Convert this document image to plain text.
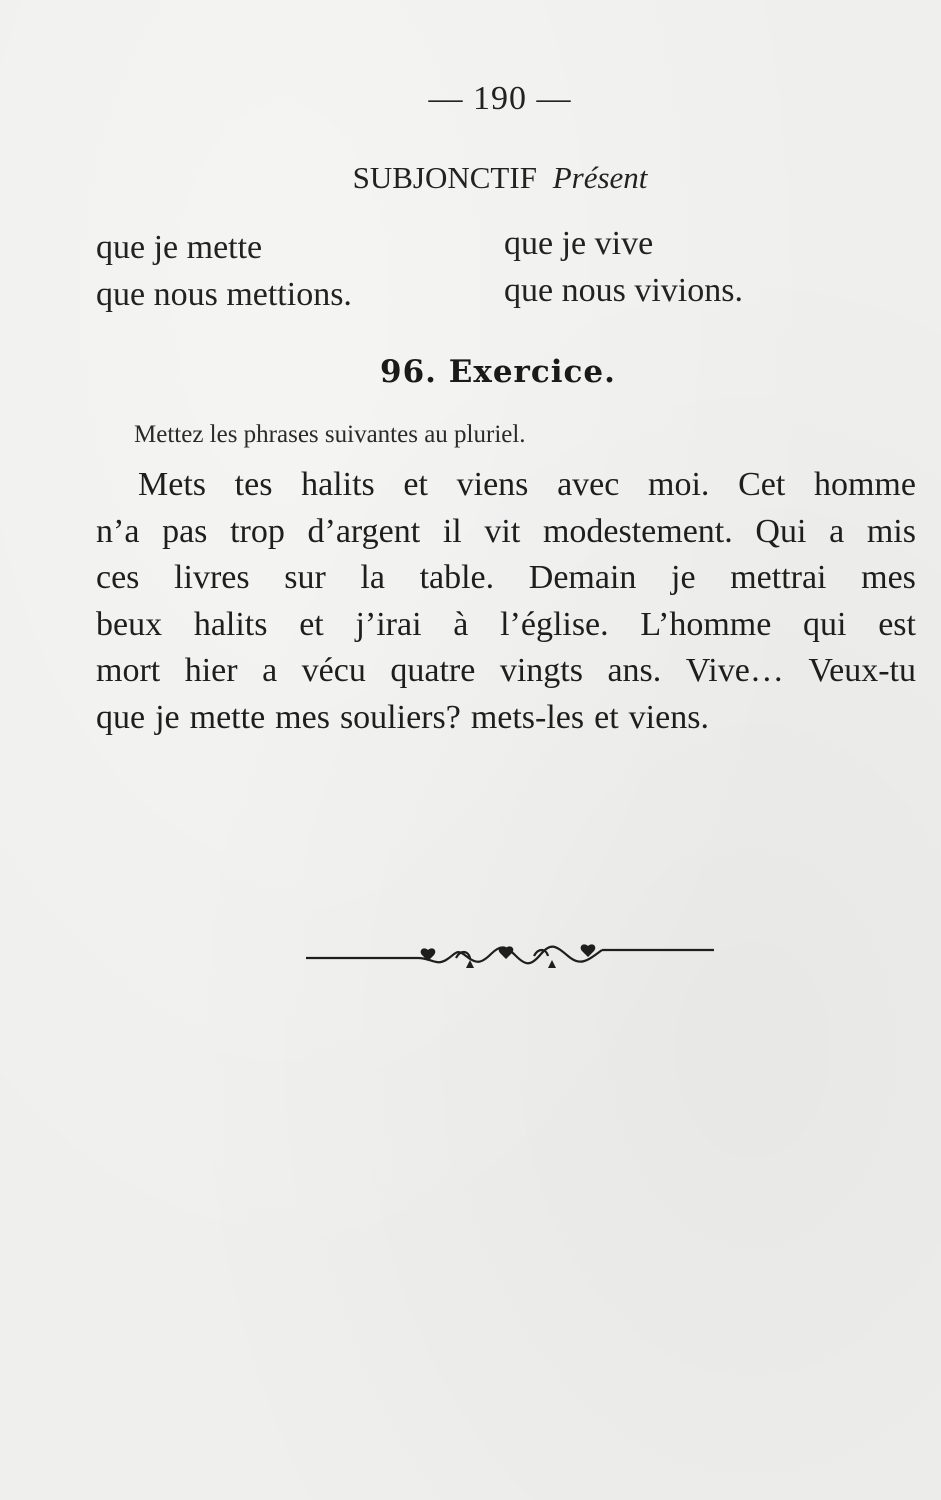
— 190 —
SUBJONCTIF Présent
que je mette
que nous mettions.
que je vive
que nous vivions.
96. Exercice.
Mettez les phrases suivantes au pluriel.
Mets tes halits et viens avec moi. Cet homme
n’a pas trop d’argent il vit modestement. Qui a mis
ces livres sur la table. Demain je mettrai mes
beux halits et j’irai à l’église. L’homme qui est
mort hier a vécu quatre vingts ans. Vive… Veux-tu
que je mette mes souliers? mets-les et viens.
